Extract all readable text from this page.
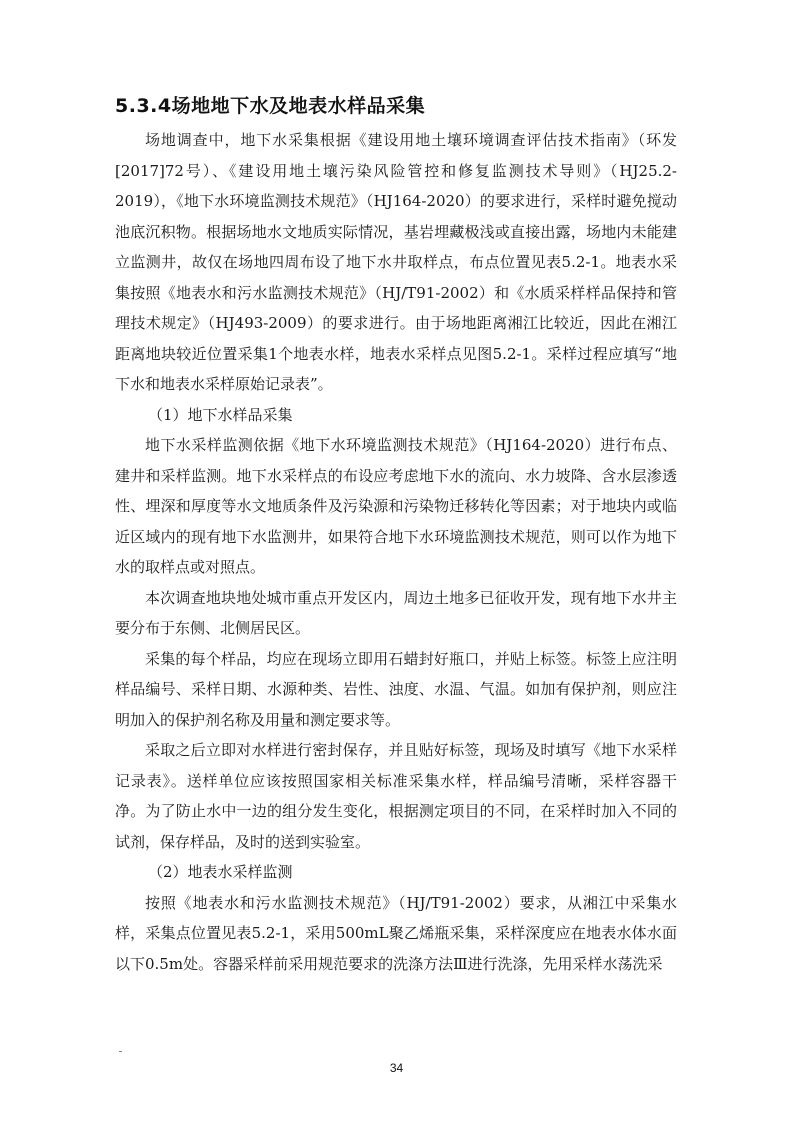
5.3.4场地地下水及地表水样品采集

场地调查中，地下水采集根据《建设用地土壤环境调查评估技术指南》（环发[2017]72号）、《建设用地土壤污染风险管控和修复监测技术导则》（HJ25.2-2019），《地下水环境监测技术规范》（HJ164-2020）的要求进行，采样时避免搅动池底沉积物。根据场地水文地质实际情况，基岩埋藏极浅或直接出露，场地内未能建立监测井，故仅在场地四周布设了地下水井取样点，布点位置见表5.2-1。地表水采集按照《地表水和污水监测技术规范》（HJ/T91-2002）和《水质采样样品保持和管理技术规定》（HJ493-2009）的要求进行。由于场地距离湘江比较近，因此在湘江距离地块较近位置采集1个地表水样，地表水采样点见图5.2-1。采样过程应填写“地下水和地表水采样原始记录表”。

（1）地下水样品采集

地下水采样监测依据《地下水环境监测技术规范》（HJ164-2020）进行布点、建井和采样监测。地下水采样点的布设应考虑地下水的流向、水力坡降、含水层渗透性、埋深和厚度等水文地质条件及污染源和污染物迁移转化等因素；对于地块内或临近区域内的现有地下水监测井，如果符合地下水环境监测技术规范，则可以作为地下水的取样点或对照点。

本次调查地块地处城市重点开发区内，周边土地多已征收开发，现有地下水井主要分布于东侧、北侧居民区。

采集的每个样品，均应在现场立即用石蜡封好瓶口，并贴上标签。标签上应注明样品编号、采样日期、水源种类、岩性、浊度、水温、气温。如加有保护剂，则应注明加入的保护剂名称及用量和测定要求等。

采取之后立即对水样进行密封保存，并且贴好标签，现场及时填写《地下水采样记录表》。送样单位应该按照国家相关标准采集水样，样品编号清晰，采样容器干净。为了防止水中一边的组分发生变化，根据测定项目的不同，在采样时加入不同的试剂，保存样品，及时的送到实验室。

（2）地表水采样监测

按照《地表水和污水监测技术规范》（HJ/T91-2002）要求，从湘江中采集水样，采集点位置见表5.2-1，采用500mL聚乙烯瓶采集，采样深度应在地表水体水面以下0.5m处。容器采样前采用规范要求的洗涤方法Ⅲ进行洗涤，先用采样水荡洗采

34
